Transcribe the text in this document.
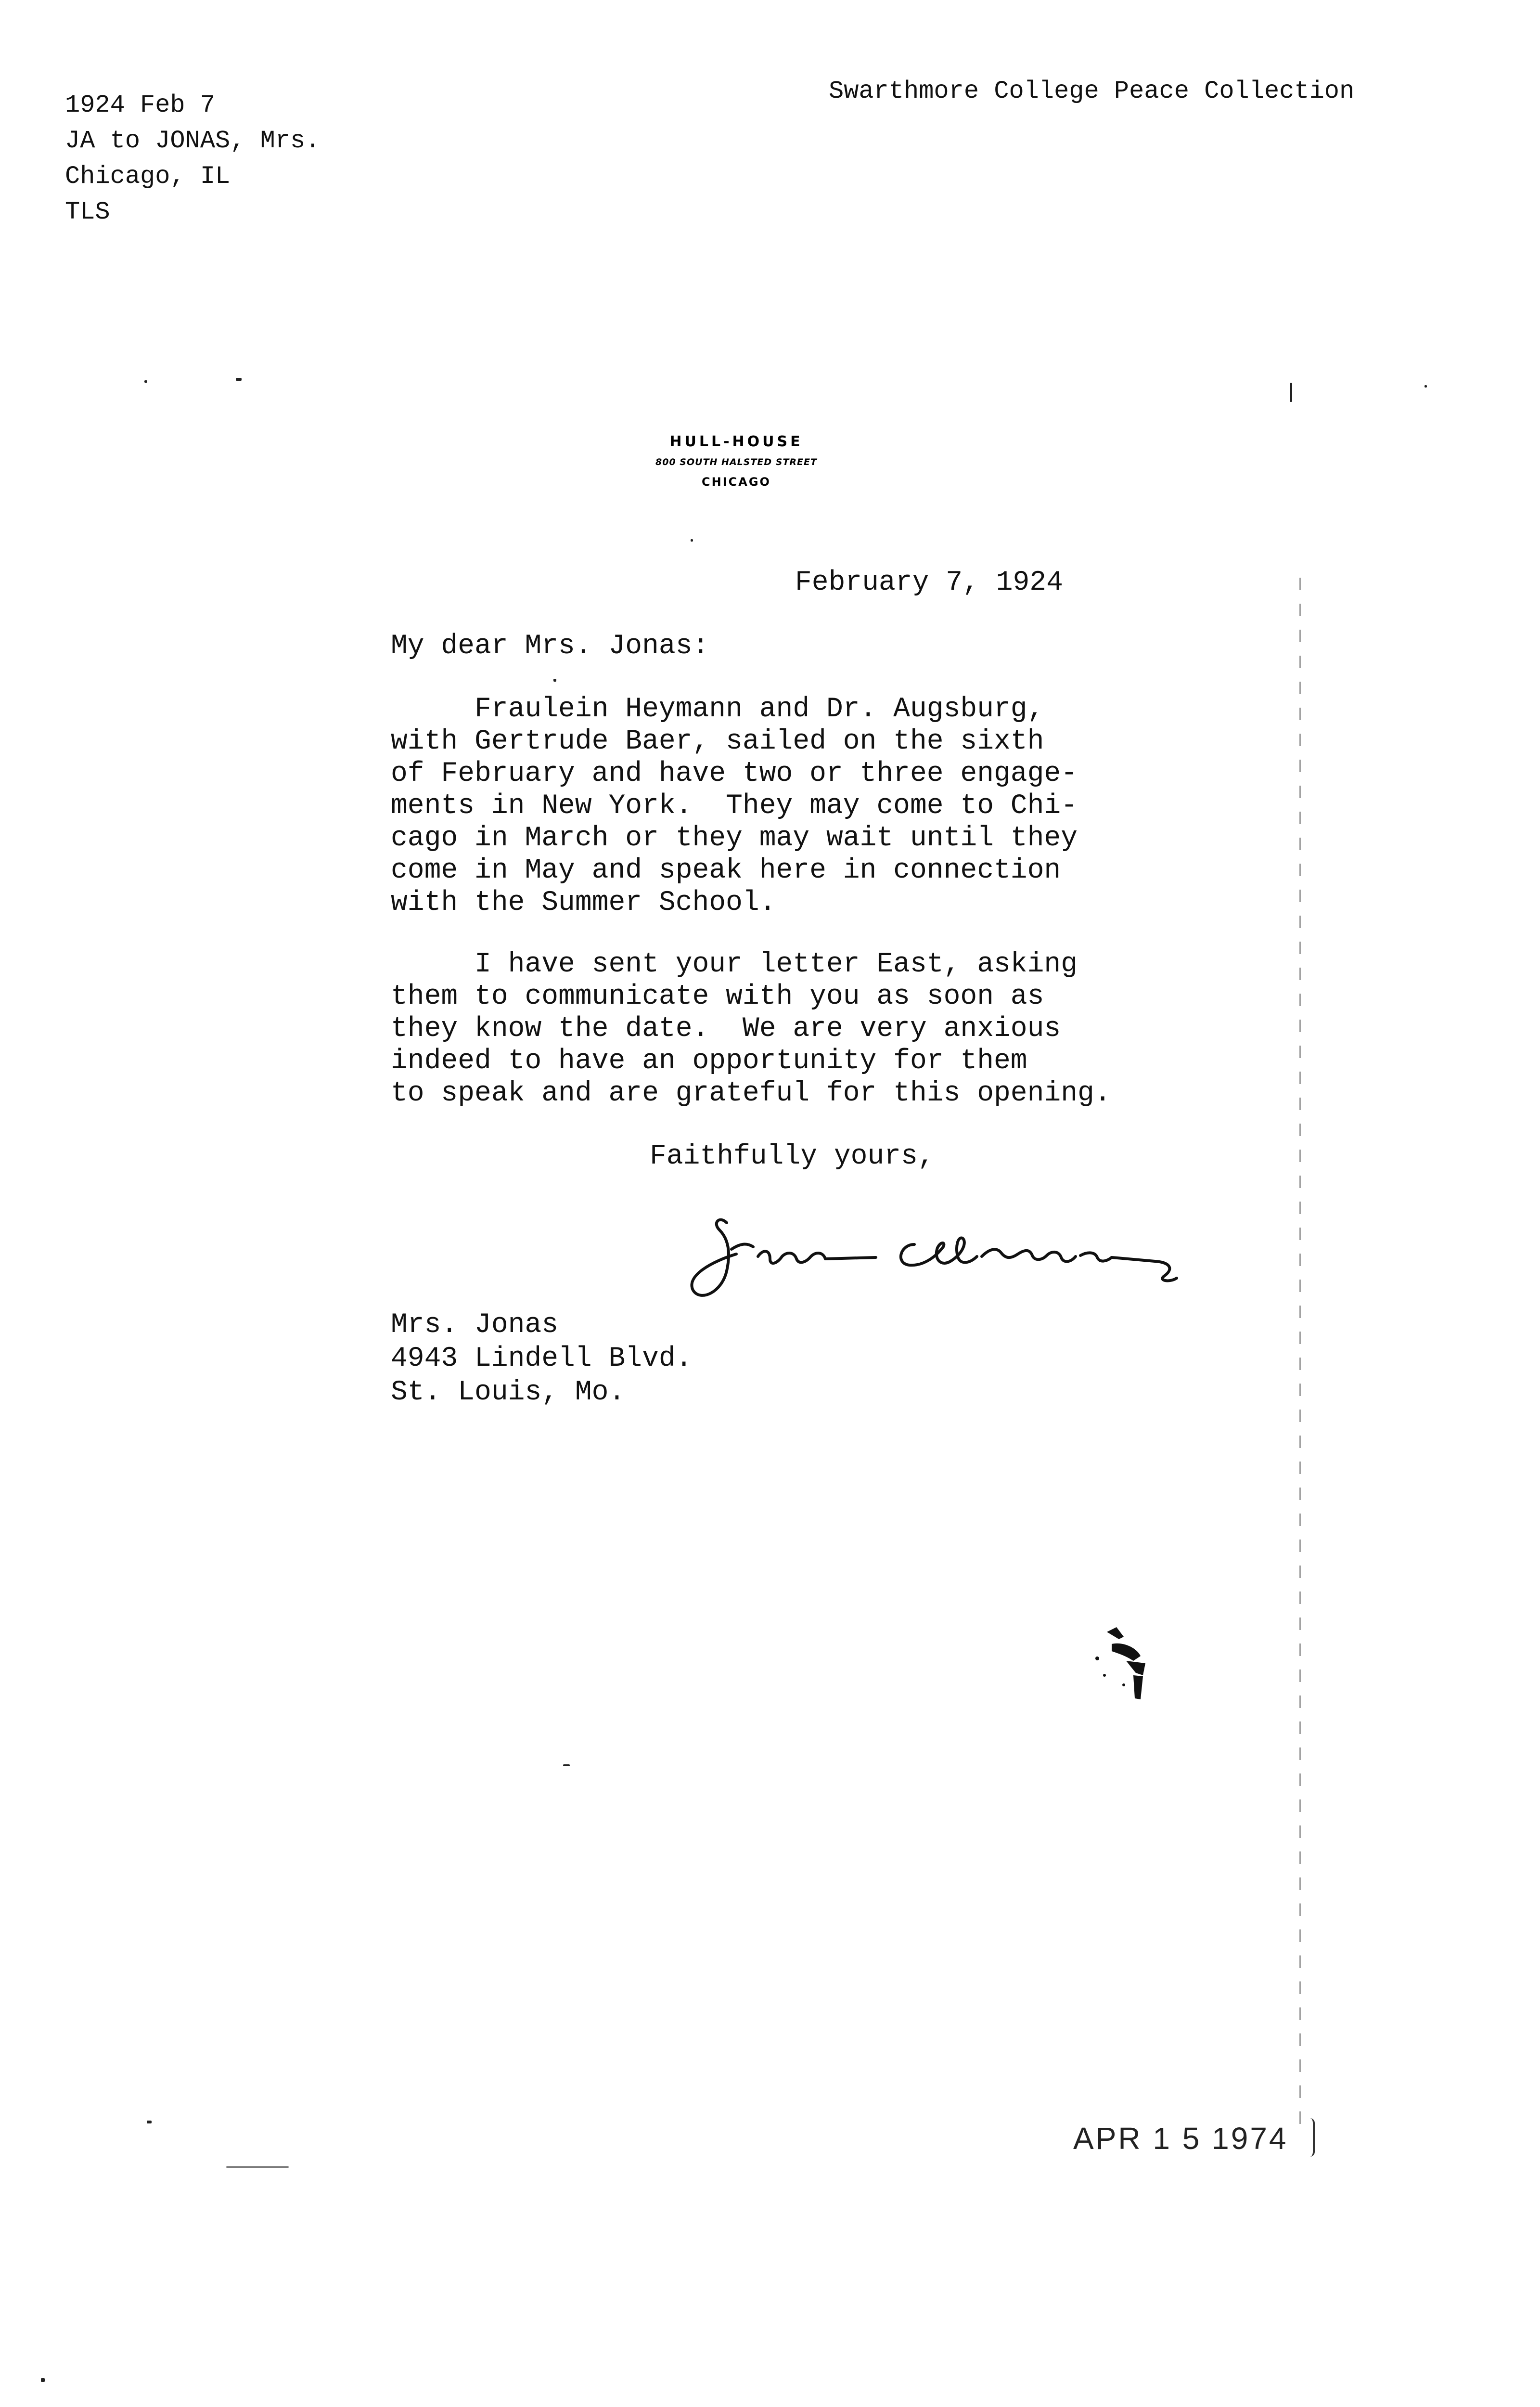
1924 Feb 7
JA to JONAS, Mrs.
Chicago, IL
TLS
Swarthmore College Peace Collection
HULL-HOUSE
800 SOUTH HALSTED STREET
CHICAGO
February 7, 1924
My dear Mrs. Jonas:
Fraulein Heymann and Dr. Augsburg,
with Gertrude Baer, sailed on the sixth
of February and have two or three engage-
ments in New York.  They may come to Chi-
cago in March or they may wait until they
come in May and speak here in connection
with the Summer School.
I have sent your letter East, asking
them to communicate with you as soon as
they know the date.  We are very anxious
indeed to have an opportunity for them
to speak and are grateful for this opening.
Faithfully yours,
Mrs. Jonas
4943 Lindell Blvd.
St. Louis, Mo.
APR 1 5 1974
